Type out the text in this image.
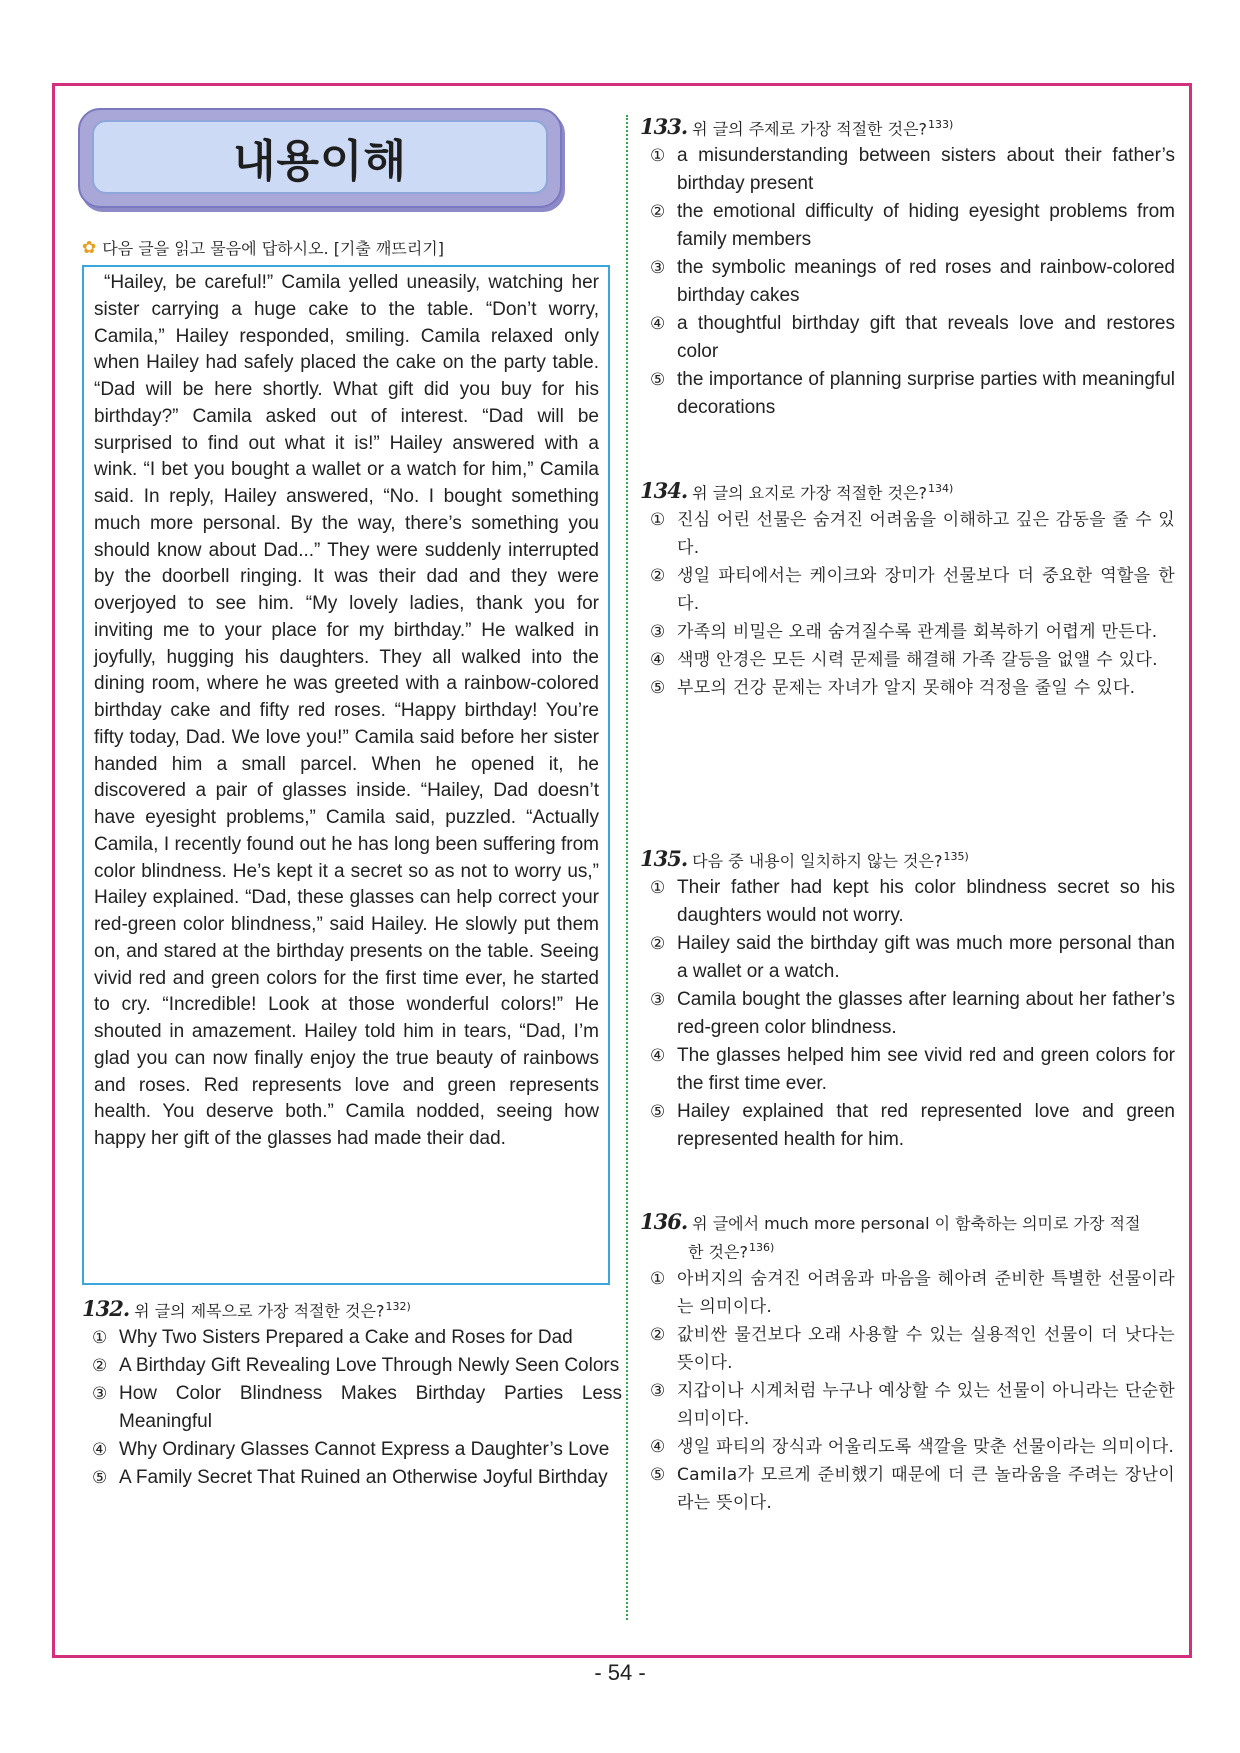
내용이해
✿ 다음 글을 읽고 물음에 답하시오. [기출 깨뜨리기]

“Hailey, be careful!” Camila yelled uneasily, watching her sister carrying a huge cake to the table. “Don’t worry, Camila,” Hailey responded, smiling. Camila relaxed only when Hailey had safely placed the cake on the party table. “Dad will be here shortly. What gift did you buy for his birthday?” Camila asked out of interest. “Dad will be surprised to find out what it is!” Hailey answered with a wink. “I bet you bought a wallet or a watch for him,” Camila said. In reply, Hailey answered, “No. I bought something much more personal. By the way, there’s something you should know about Dad...” They were suddenly interrupted by the doorbell ringing. It was their dad and they were overjoyed to see him. “My lovely ladies, thank you for inviting me to your place for my birthday.” He walked in joyfully, hugging his daughters. They all walked into the dining room, where he was greeted with a rainbow-colored birthday cake and fifty red roses. “Happy birthday! You’re fifty today, Dad. We love you!” Camila said before her sister handed him a small parcel. When he opened it, he discovered a pair of glasses inside. “Hailey, Dad doesn’t have eyesight problems,” Camila said, puzzled. “Actually Camila, I recently found out he has long been suffering from color blindness. He’s kept it a secret so as not to worry us,” Hailey explained. “Dad, these glasses can help correct your red-green color blindness,” said Hailey. He slowly put them on, and stared at the birthday presents on the table. Seeing vivid red and green colors for the first time ever, he started to cry. “Incredible! Look at those wonderful colors!” He shouted in amazement. Hailey told him in tears, “Dad, I’m glad you can now finally enjoy the true beauty of rainbows and roses. Red represents love and green represents health. You deserve both.” Camila nodded, seeing how happy her gift of the glasses had made their dad.

132. 위 글의 제목으로 가장 적절한 것은?$^{132)}$
① Why Two Sisters Prepared a Cake and Roses for Dad
② A Birthday Gift Revealing Love Through Newly Seen Colors
③ How Color Blindness Makes Birthday Parties Less Meaningful
④ Why Ordinary Glasses Cannot Express a Daughter’s Love
⑤ A Family Secret That Ruined an Otherwise Joyful Birthday
133. 위 글의 주제로 가장 적절한 것은?$^{133)}$
① a misunderstanding between sisters about their father’s birthday present
② the emotional difficulty of hiding eyesight problems from family members
③ the symbolic meanings of red roses and rainbow-colored birthday cakes
④ a thoughtful birthday gift that reveals love and restores color
⑤ the importance of planning surprise parties with meaningful decorations
134. 위 글의 요지로 가장 적절한 것은?$^{134)}$
① 진심 어린 선물은 숨겨진 어려움을 이해하고 깊은 감동을 줄 수 있다.
② 생일 파티에서는 케이크와 장미가 선물보다 더 중요한 역할을 한다.
③ 가족의 비밀은 오래 숨겨질수록 관계를 회복하기 어렵게 만든다.
④ 색맹 안경은 모든 시력 문제를 해결해 가족 갈등을 없앨 수 있다.
⑤ 부모의 건강 문제는 자녀가 알지 못해야 걱정을 줄일 수 있다.
135. 다음 중 내용이 일치하지 않는 것은?$^{135)}$
① Their father had kept his color blindness secret so his daughters would not worry.
② Hailey said the birthday gift was much more personal than a wallet or a watch.
③ Camila bought the glasses after learning about her father’s red-green color blindness.
④ The glasses helped him see vivid red and green colors for the first time ever.
⑤ Hailey explained that red represented love and green represented health for him.
136. 위 글에서 much more personal 이 함축하는 의미로 가장 적절
한 것은?$^{136)}$
① 아버지의 숨겨진 어려움과 마음을 헤아려 준비한 특별한 선물이라는 의미이다.
② 값비싼 물건보다 오래 사용할 수 있는 실용적인 선물이 더 낫다는 뜻이다.
③ 지갑이나 시계처럼 누구나 예상할 수 있는 선물이 아니라는 단순한 의미이다.
④ 생일 파티의 장식과 어울리도록 색깔을 맞춘 선물이라는 의미이다.
⑤ Camila가 모르게 준비했기 때문에 더 큰 놀라움을 주려는 장난이라는 뜻이다.
- 54 -
